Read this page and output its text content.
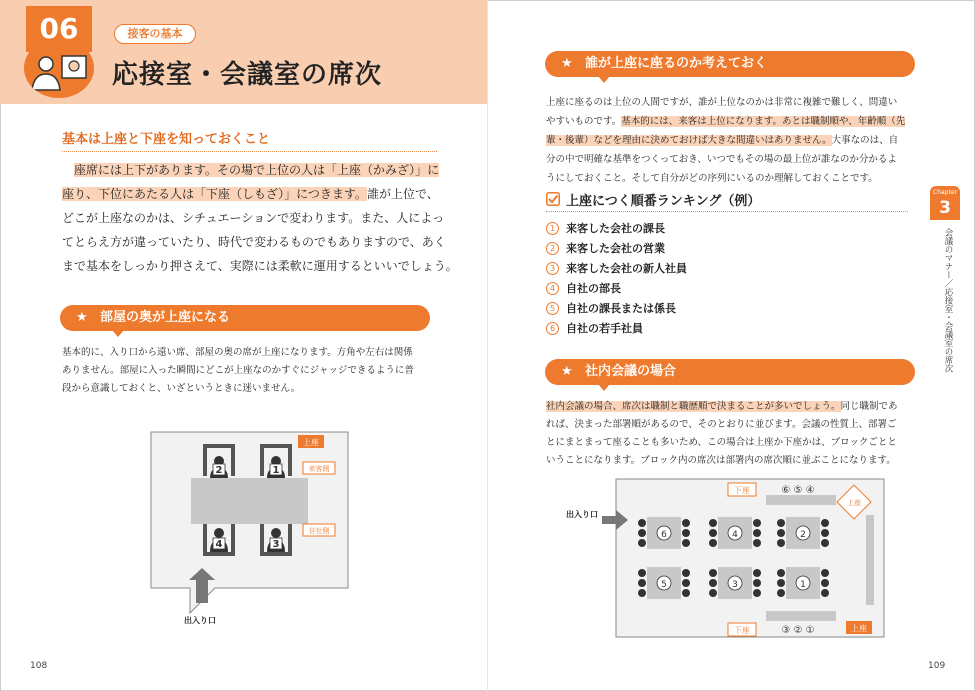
06	接客の基本
応接室・会議室の席次
基本は上座と下座を知っておくこと
座席には上下があります。その場で上位の人は「上座（かみざ）」に
座り、下位にあたる人は「下座（しもざ）」につきます。誰が上位で、
どこが上座なのかは、シチュエーションで変わります。また、人によっ
てとらえ方が違っていたり、時代で変わるものでもありますので、あく
まで基本をしっかり押さえて、実際には柔軟に運用するといいでしょう。
★ 部屋の奥が上座になる
基本的に、入り口から遠い席、部屋の奥の席が上座になります。方角や左右は関係
ありません。部屋に入った瞬間にどこが上座なのかすぐにジャッジできるように普
段から意識しておくと、いざというときに迷いません。
2	1
4	3
上座
来客側
自社側
出入り口
108
★ 誰が上座に座るのか考えておく
上座に座るのは上位の人間ですが、誰が上位なのかは非常に複雑で難しく、問違い
やすいものです。基本的には、来客は上位になります。あとは職制順や、年齢順（先
輩・後輩）などを理由に決めておけば大きな間違いはありません。大事なのは、自
分の中で明確な基準をつくっておき、いつでもその場の最上位が誰なのか分かるよ
うにしておくこと。そして自分がどの序列にいるのか理解しておくことです。
上座につく順番ランキング（例）
1 来客した会社の課長
2 来客した会社の営業
3 来客した会社の新人社員
4 自社の部長
5 自社の課長または係長
6 自社の若手社員
★ 社内会議の場合
社内会議の場合、席次は職制と職歴順で決まることが多いでしょう。同じ職制であ
れば、決まった部署順があるので、そのとおりに並びます。会議の性質上、部署ご
とにまとまって座ることも多いため、この場合は上座か下座かは、ブロックごとと
いうことになります。ブロック内の席次は部署内の席次順に並ぶことになります。
下座	⑥ ⑤ ④
下座	③ ② ①	上座
上座
6	4	2
5	3	1
出入り口
Chapter
3
会議のマナー／応接室・会議室の席次
109
